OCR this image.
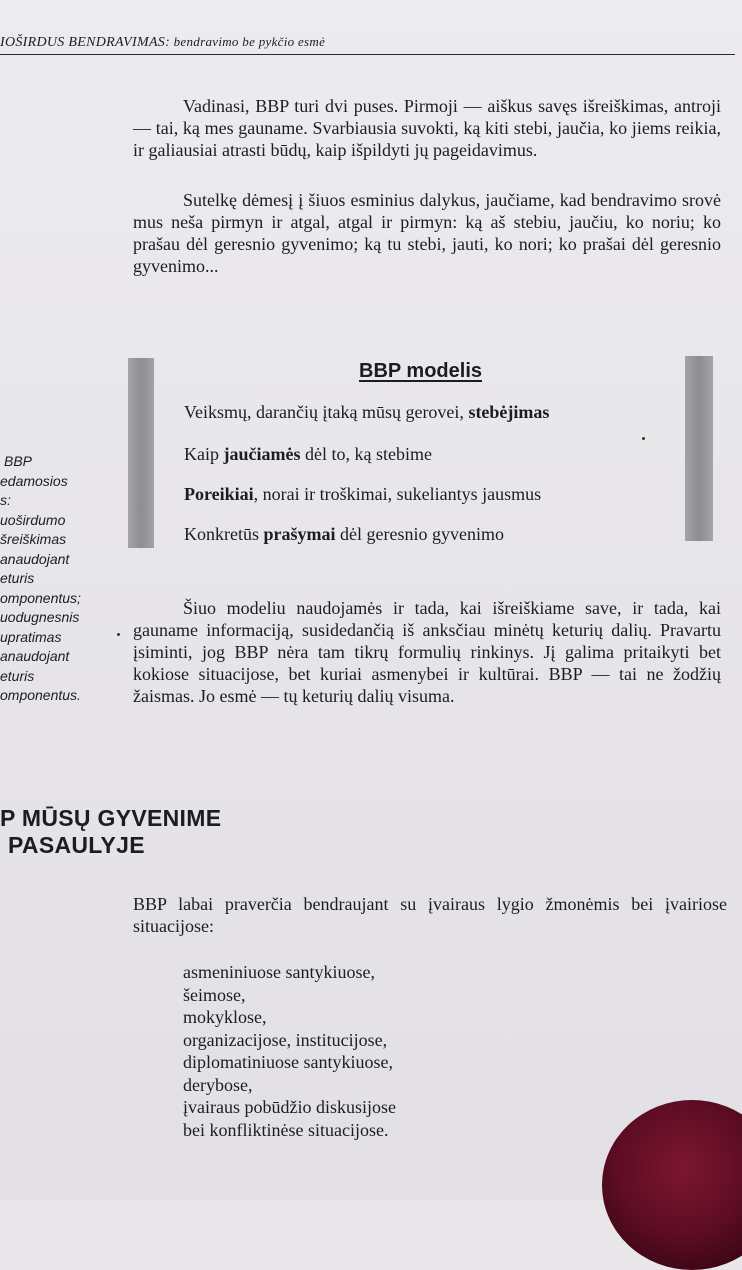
IOŠIRDUS BENDRAVIMAS: bendravimo be pykčio esmė

Vadinasi, BBP turi dvi puses. Pirmoji — aiškus savęs išreiškimas, antroji — tai, ką mes gauname. Svarbiausia suvokti, ką kiti stebi, jaučia, ko jiems reikia, ir galiausiai atrasti būdų, kaip išpildyti jų pageidavimus.

Sutelkę dėmesį į šiuos esminius dalykus, jaučiame, kad bendravimo srovė mus neša pirmyn ir atgal, atgal ir pirmyn: ką aš stebiu, jaučiu, ko noriu; ko prašau dėl geresnio gyvenimo; ką tu stebi, jauti, ko nori; ko prašai dėl geresnio gyvenimo...

BBP modelis
Veiksmų, darančių įtaką mūsų gerovei, stebėjimas
Kaip jaučiamės dėl to, ką stebime
Poreikiai, norai ir troškimai, sukeliantys jausmus
Konkretūs prašymai dėl geresnio gyvenimo
BBP
edamosios
s:
uoširdumo
šreiškimas
anaudojant
eturis
omponentus;
uodugnesnis
upratimas
anaudojant
eturis
omponentus.

Šiuo modeliu naudojamės ir tada, kai išreiškiame save, ir tada, kai gauname informaciją, susidedančią iš anksčiau minėtų keturių dalių. Pravartu įsiminti, jog BBP nėra tam tikrų formulių rinkinys. Jį galima pritaikyti bet kokiose situacijose, bet kuriai asmenybei ir kultūrai. BBP — tai ne žodžių žaismas. Jo esmė — tų keturių dalių visuma.

P MŪSŲ GYVENIME
PASAULYJE

BBP labai praverčia bendraujant su įvairaus lygio žmonėmis bei įvairiose situacijose:

asmeniniuose santykiuose,
šeimose,
mokyklose,
organizacijose, institucijose,
diplomatiniuose santykiuose,
derybose,
įvairaus pobūdžio diskusijose
bei konfliktinėse situacijose.
